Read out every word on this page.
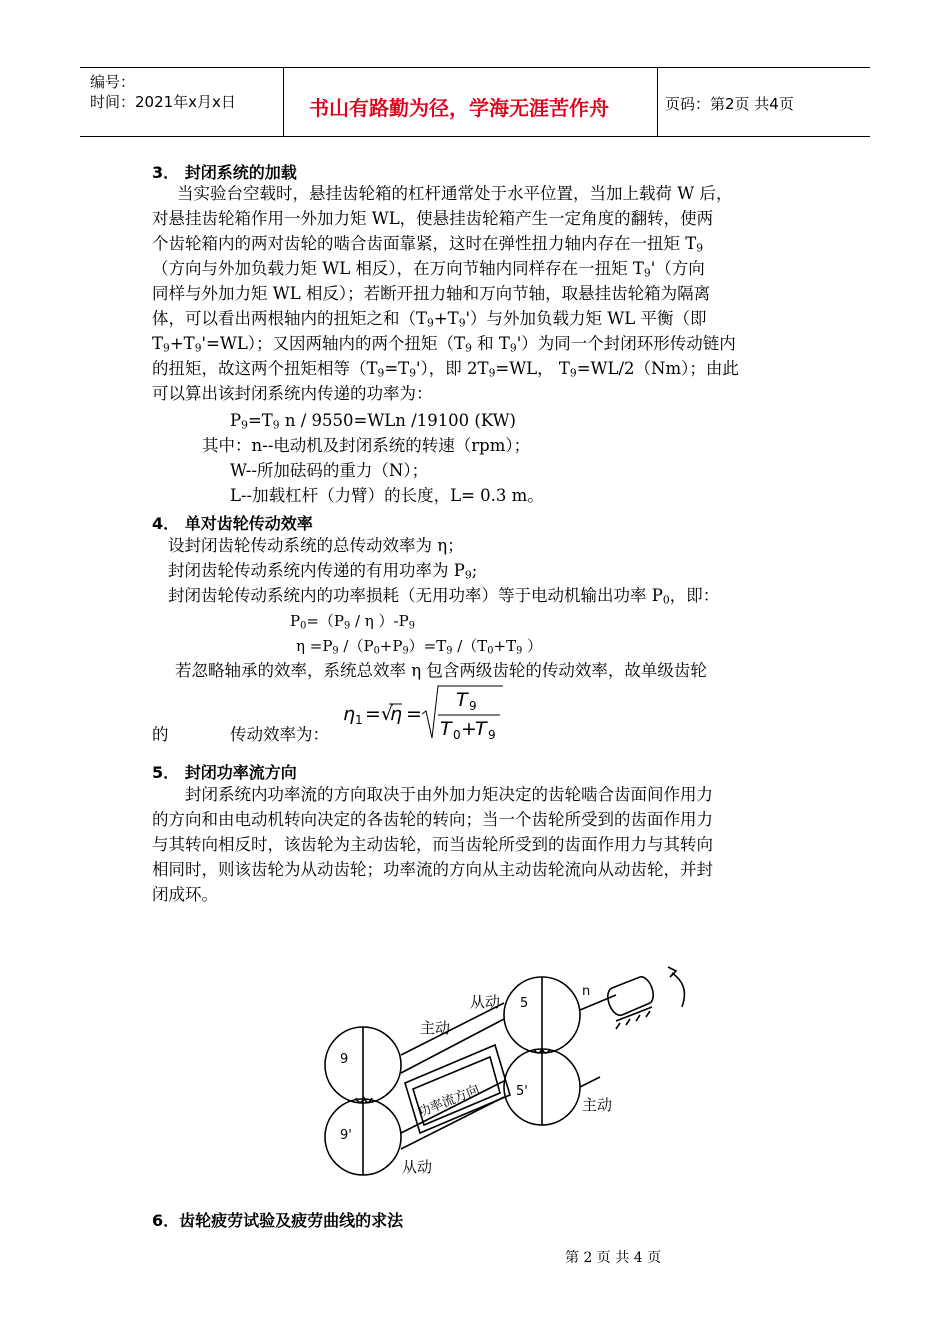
编号：
时间：2021年x月x日	书山有路勤为径，学海无涯苦作舟	页码：第2页 共4页
3． 封闭系统的加载
当实验台空载时，悬挂齿轮箱的杠杆通常处于水平位置，当加上载荷 W 后，
对悬挂齿轮箱作用一外加力矩 WL，使悬挂齿轮箱产生一定角度的翻转，使两
个齿轮箱内的两对齿轮的啮合齿面靠紧，这时在弹性扭力轴内存在一扭矩 $T_9$
（方向与外加负载力矩 WL 相反），在万向节轴内同样存在一扭矩 $T_9'$（方向
同样与外加力矩 WL 相反）；若断开扭力轴和万向节轴，取悬挂齿轮箱为隔离
体，可以看出两根轴内的扭矩之和$(T_9+T_9')$与外加负载力矩 WL 平衡（即
$T_9+T_9'=WL$）；又因两轴内的两个扭矩（$T_9$ 和 $T_9'$）为同一个封闭环形传动链内
的扭矩，故这两个扭矩相等$(T_9=T_9')$，即 $2T_9=WL$， $T_9=WL/2(Nm)$；由此
可以算出该封闭系统内传递的功率为：
$P_9=T_9$ n / 9550=WLn /19100 (KW)
其中：n--电动机及封闭系统的转速（rpm）；
W--所加砝码的重力（N）；
L--加载杠杆（力臂）的长度，L= 0.3 m。
4． 单对齿轮传动效率
设封闭齿轮传动系统的总传动效率为 η；
封闭齿轮传动系统内传递的有用功率为 $P_9$;
封闭齿轮传动系统内的功率损耗（无用功率）等于电动机输出功率 $P_0$，即：
$P_0=(P_9 / \eta$ ）$-P_9$
$\eta =P_9$ $/(P_0+P_9)=T_9$ $/(T_0+T_9$ ）
若忽略轴承的效率，系统总效率 η 包含两级齿轮的传动效率，故单级齿轮
的	传动效率为：
η 1 =√
η =
T 9
T 0 +
T 9
5． 封闭功率流方向
封闭系统内功率流的方向取决于由外加力矩决定的齿轮啮合齿面间作用力
的方向和由电动机转向决定的各齿轮的转向；当一个齿轮所受到的齿面作用力
与其转向相反时，该齿轮为主动齿轮，而当齿轮所受到的齿面作用力与其转向
相同时，则该齿轮为从动齿轮；功率流的方向从主动齿轮流向从动齿轮，并封
闭成环。
主动
从动
主动
从动
功率流方向
9
9'
5
5'
n
6．齿轮疲劳试验及疲劳曲线的求法
第 2 页 共 4 页
